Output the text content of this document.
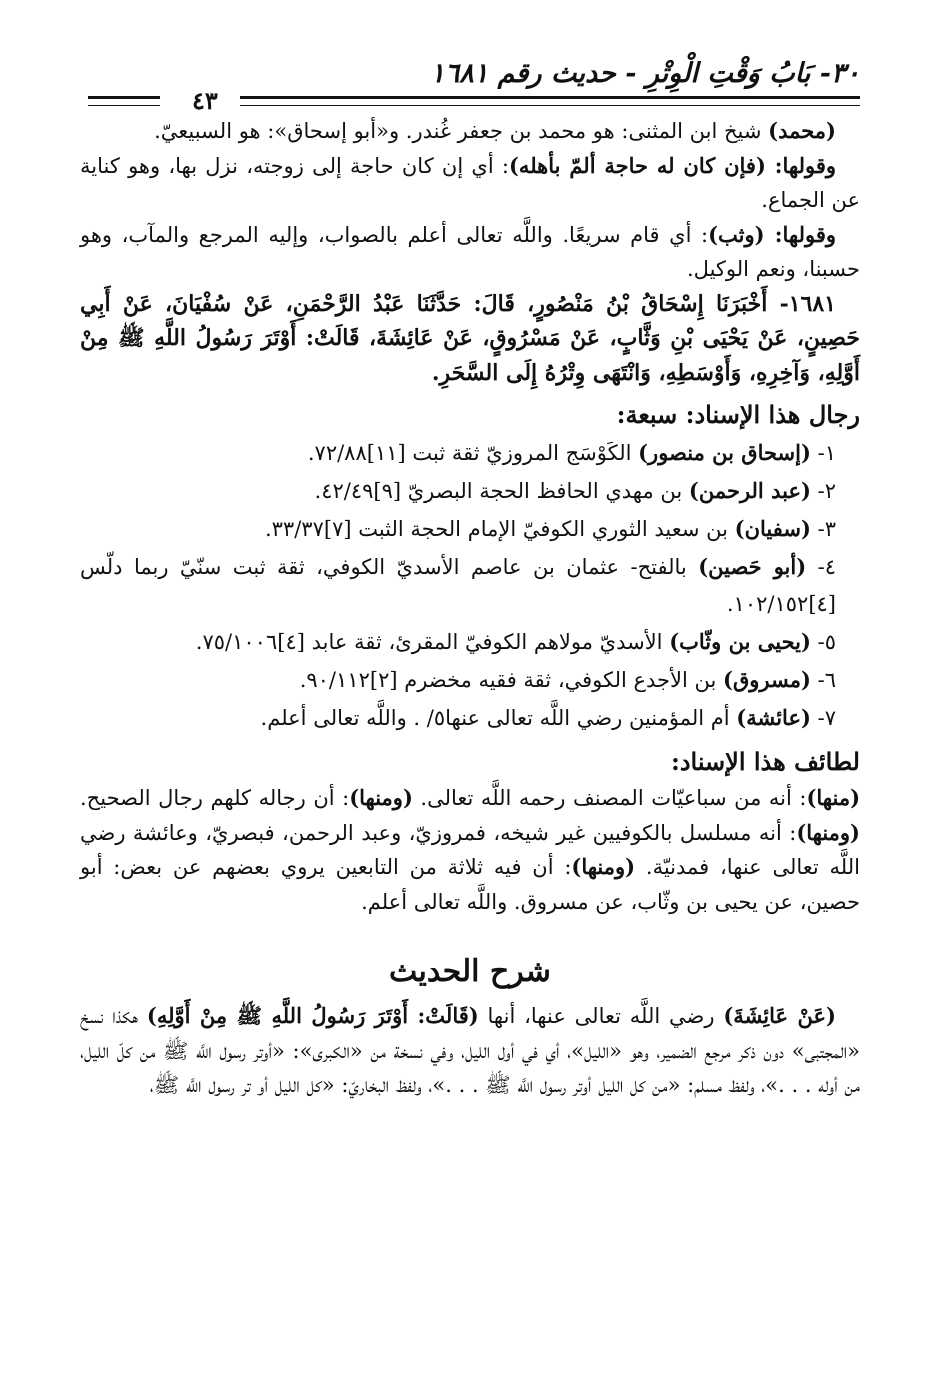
٣٠- بَابُ وَقْتِ الْوِتْرِ - حديث رقم ١٦٨١
٤٣

(محمد) شيخ ابن المثنى: هو محمد بن جعفر غُندر. و«أبو إسحاق»: هو السبيعيّ.

وقولها: (فإن كان له حاجة ألمّ بأهله): أي إن كان حاجة إلى زوجته، نزل بها، وهو كناية عن الجماع.

وقولها: (وثب): أي قام سريعًا. واللَّه تعالى أعلم بالصواب، وإليه المرجع والمآب، وهو حسبنا، ونعم الوكيل.

١٦٨١- أَخْبَرَنَا إِسْحَاقُ بْنُ مَنْصُورٍ، قَالَ: حَدَّثَنَا عَبْدُ الرَّحْمَنِ، عَنْ سُفْيَانَ، عَنْ أَبِي حَصِينٍ، عَنْ يَحْيَى بْنِ وَثَّابٍ، عَنْ مَسْرُوقٍ، عَنْ عَائِشَةَ، قَالَتْ: أَوْتَرَ رَسُولُ اللَّهِ ﷺ مِنْ أَوَّلِهِ، وَآخِرِهِ، وَأَوْسَطِهِ، وَانْتَهَى وِتْرُهُ إِلَى السَّحَرِ.

رجال هذا الإسناد: سبعة:
١- (إسحاق بن منصور) الكَوْسَج المروزيّ ثقة ثبت [١١]٧٢/٨٨.
٢- (عبد الرحمن) بن مهدي الحافظ الحجة البصريّ [٩]٤٢/٤٩.
٣- (سفيان) بن سعيد الثوري الكوفيّ الإمام الحجة الثبت [٧]٣٣/٣٧.
٤- (أبو حَصين) بالفتح- عثمان بن عاصم الأسديّ الكوفي، ثقة ثبت سنّيّ ربما دلّس [٤]١٠٢/١٥٢.
٥- (يحيى بن وثّاب) الأسديّ مولاهم الكوفيّ المقرئ، ثقة عابد [٤]٧٥/١٠٠٦.
٦- (مسروق) بن الأجدع الكوفي، ثقة فقيه مخضرم [٢]٩٠/١١٢.
٧- (عائشة) أم المؤمنين رضي اللَّه تعالى عنها٥/ . واللَّه تعالى أعلم.
لطائف هذا الإسناد:

(منها): أنه من سباعيّات المصنف رحمه اللَّه تعالى. (ومنها): أن رجاله كلهم رجال الصحيح. (ومنها): أنه مسلسل بالكوفيين غير شيخه، فمروزيّ، وعبد الرحمن، فبصريّ، وعائشة رضي اللَّه تعالى عنها، فمدنيّة. (ومنها): أن فيه ثلاثة من التابعين يروي بعضهم عن بعض: أبو حصين، عن يحيى بن وثّاب، عن مسروق. واللَّه تعالى أعلم.

شرح الحديث

(عَنْ عَائِشَةَ) رضي اللَّه تعالى عنها، أنها (قَالَتْ: أَوْتَرَ رَسُولُ اللَّهِ ﷺ مِنْ أَوَّلِهِ) هكذا نسخ «المجتبى» دون ذكر مرجع الضمير، وهو «الليل»، أي في أول الليل، وفي نسخة من «الكبرى»: «أوتر رسول اللَّه ﷺ من كلّ الليل، من أوله . . .»، ولفظ مسلم: «من كل الليل أوتر رسول اللَّه ﷺ . . .»، ولفظ البخاريّ: «كل الليل أو تر رسول اللَّه ﷺ،
